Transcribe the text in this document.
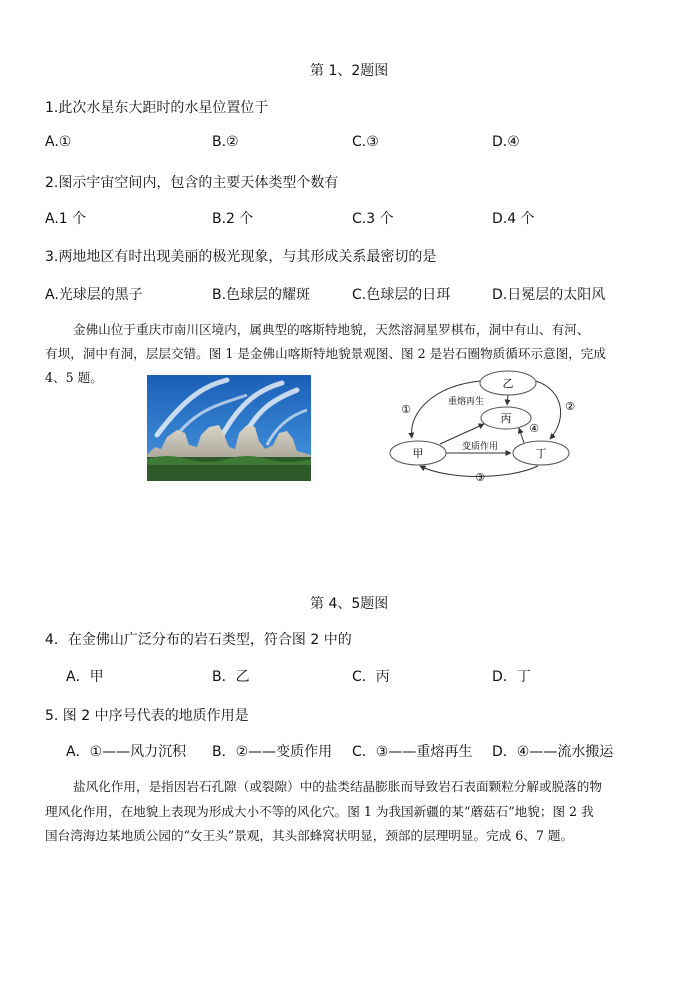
第 1、2题图
1.此次水星东大距时的水星位置位于
A.①	B.②	C.③	D.④
2.图示宇宙空间内，包含的主要天体类型个数有
A.1 个	B.2 个	C.3 个	D.4 个
3.两地地区有时出现美丽的极光现象，与其形成关系最密切的是
A.光球层的黑子	B.色球层的耀斑	C.色球层的日珥	D.日冕层的太阳风
金佛山位于重庆市南川区境内，属典型的喀斯特地貌，天然溶洞星罗棋布，洞中有山、有河、
有坝，洞中有洞，层层交错。图 1 是金佛山喀斯特地貌景观图、图 2 是岩石圈物质循环示意图，完成
4、5 题。	乙
丙
甲	丁
重熔再生
变质作用
①	②
③
④
第 4、5题图
4．在金佛山广泛分布的岩石类型，符合图 2 中的
A．甲	B．乙	C．丙	D．丁
5. 图 2 中序号代表的地质作用是
A．①——风力沉积 B．②——变质作用 C．③——重熔再生 D．④——流水搬运
盐风化作用，是指因岩石孔隙（或裂隙）中的盐类结晶膨胀而导致岩石表面颗粒分解或脱落的物
理风化作用，在地貌上表现为形成大小不等的风化穴。图 1 为我国新疆的某“蘑菇石”地貌；图 2 我
国台湾海边某地质公园的“女王头”景观，其头部蜂窝状明显，颈部的层理明显。完成 6、7 题。
